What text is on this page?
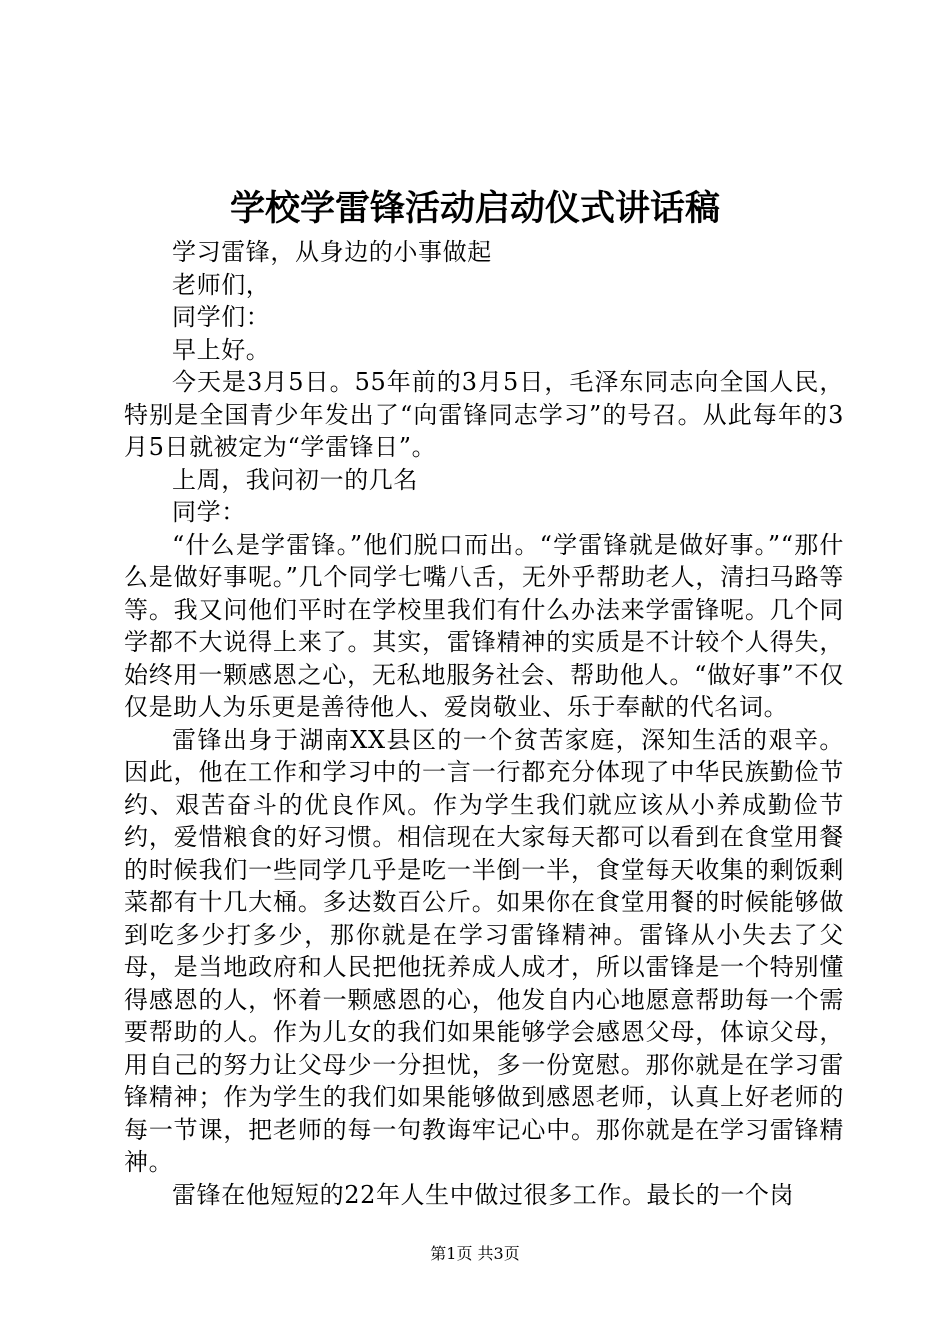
学校学雷锋活动启动仪式讲话稿

学习雷锋，从身边的小事做起

老师们，

同学们：

早上好。

今天是3月5日。55年前的3月5日，毛泽东同志向全国人民，特别是全国青少年发出了“向雷锋同志学习”的号召。从此每年的3月5日就被定为“学雷锋日”。

上周，我问初一的几名

同学：

“什么是学雷锋。”他们脱口而出。“学雷锋就是做好事。”“那什么是做好事呢。”几个同学七嘴八舌，无外乎帮助老人，清扫马路等等。我又问他们平时在学校里我们有什么办法来学雷锋呢。几个同学都不大说得上来了。其实，雷锋精神的实质是不计较个人得失，始终用一颗感恩之心，无私地服务社会、帮助他人。“做好事”不仅仅是助人为乐更是善待他人、爱岗敬业、乐于奉献的代名词。

雷锋出身于湖南XX县区的一个贫苦家庭，深知生活的艰辛。因此，他在工作和学习中的一言一行都充分体现了中华民族勤俭节约、艰苦奋斗的优良作风。作为学生我们就应该从小养成勤俭节约，爱惜粮食的好习惯。相信现在大家每天都可以看到在食堂用餐的时候我们一些同学几乎是吃一半倒一半，食堂每天收集的剩饭剩菜都有十几大桶。多达数百公斤。如果你在食堂用餐的时候能够做到吃多少打多少，那你就是在学习雷锋精神。雷锋从小失去了父母，是当地政府和人民把他抚养成人成才，所以雷锋是一个特别懂得感恩的人，怀着一颗感恩的心，他发自内心地愿意帮助每一个需要帮助的人。作为儿女的我们如果能够学会感恩父母，体谅父母，用自己的努力让父母少一分担忧，多一份宽慰。那你就是在学习雷锋精神；作为学生的我们如果能够做到感恩老师，认真上好老师的每一节课，把老师的每一句教诲牢记心中。那你就是在学习雷锋精神。

雷锋在他短短的22年人生中做过很多工作。最长的一个岗

第1页 共3页
